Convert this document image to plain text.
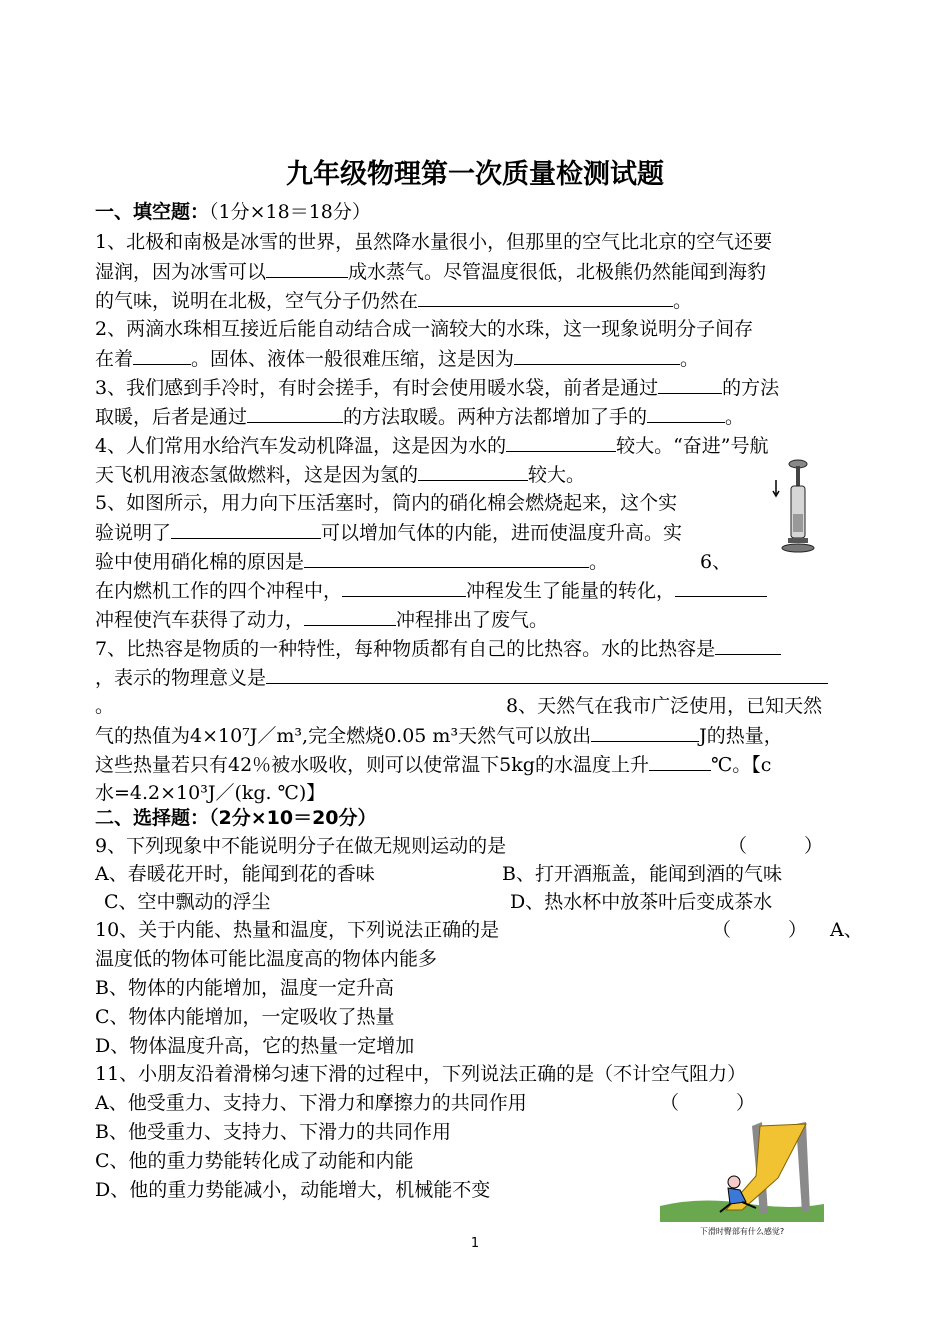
九年级物理第一次质量检测试题
一、填空题：（1分×18＝18分）
1、北极和南极是冰雪的世界，虽然降水量很小，但那里的空气比北京的空气还要
湿润，因为冰雪可以	成水蒸气。尽管温度很低，北极熊仍然能闻到海豹
的气味，说明在北极，空气分子仍然在	。
2、两滴水珠相互接近后能自动结合成一滴较大的水珠，这一现象说明分子间存
在着	。固体、液体一般很难压缩，这是因为	。
3、我们感到手冷时，有时会搓手，有时会使用暖水袋，前者是通过	的方法
取暖，后者是通过	的方法取暖。两种方法都增加了手的	。
4、人们常用水给汽车发动机降温，这是因为水的	较大。“奋进”号航
天飞机用液态氢做燃料，这是因为氢的	较大。
5、如图所示，用力向下压活塞时，筒内的硝化棉会燃烧起来，这个实
验说明了	可以增加气体的内能，进而使温度升高。实
验中使用硝化棉的原因是	。	6、
在内燃机工作的四个冲程中，	冲程发生了能量的转化，
冲程使汽车获得了动力，	冲程排出了废气。
7、比热容是物质的一种特性，每种物质都有自己的比热容。水的比热容是
，表示的物理意义是
。	8、天然气在我市广泛使用，已知天然
气的热值为4×10⁷J／m³,完全燃烧0.05 m³天然气可以放出	J的热量，
这些热量若只有42％被水吸收，则可以使常温下5kg的水温度上升	℃。【c
水=4.2×10³J／(kg. ℃)】
二、选择题：（2分×10＝20分）
9、下列现象中不能说明分子在做无规则运动的是	（　　　）
A、春暖花开时，能闻到花的香味	B、打开酒瓶盖，能闻到酒的气味
C、空中飘动的浮尘	D、热水杯中放茶叶后变成茶水
10、关于内能、热量和温度，下列说法正确的是	（　　　） A、
温度低的物体可能比温度高的物体内能多
B、物体的内能增加，温度一定升高
C、物体内能增加，一定吸收了热量
D、物体温度升高，它的热量一定增加
11、小朋友沿着滑梯匀速下滑的过程中，下列说法正确的是（不计空气阻力）
A、他受重力、支持力、下滑力和摩擦力的共同作用	（　　　）
B、他受重力、支持力、下滑力的共同作用
C、他的重力势能转化成了动能和内能
D、他的重力势能减小，动能增大，机械能不变
下滑时臀部有什么感觉?
1
